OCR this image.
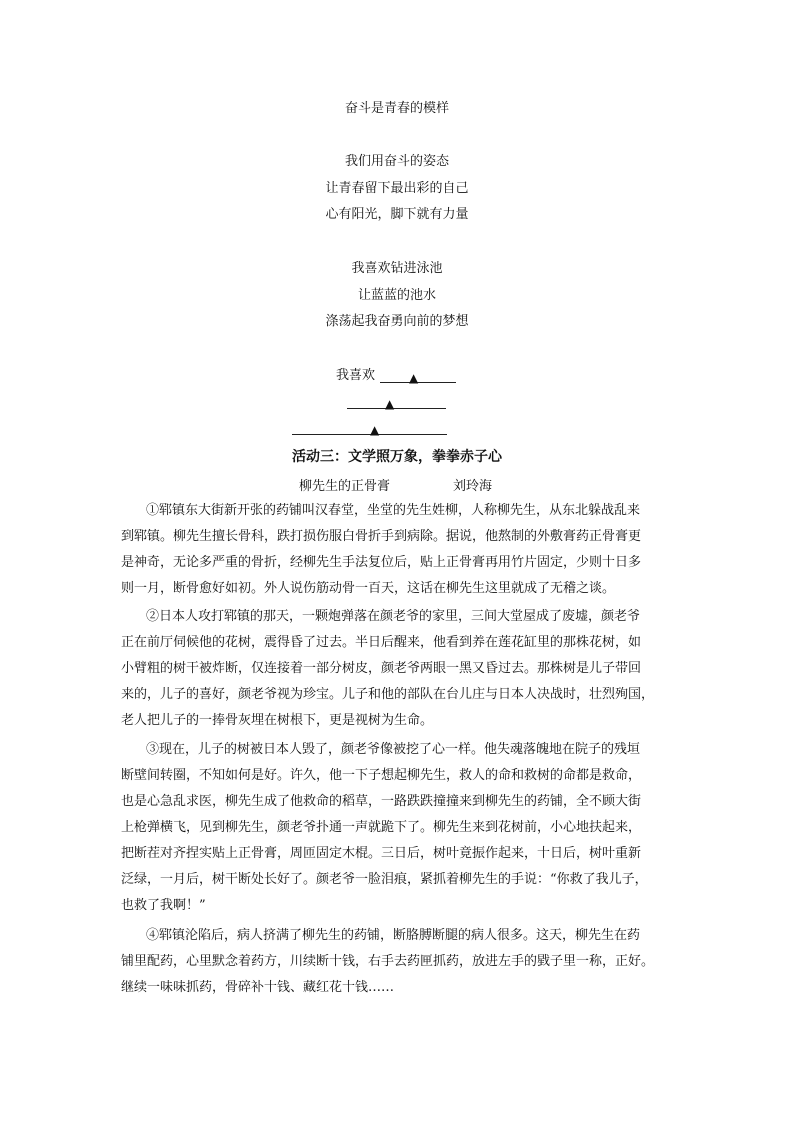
奋斗是青春的模样
我们用奋斗的姿态
让青春留下最出彩的自己
心有阳光，脚下就有力量
我喜欢钻进泳池
让蓝蓝的池水
涤荡起我奋勇向前的梦想
我喜欢	▲
▲
▲
活动三：文学照万象，拳拳赤子心
柳先生的正骨膏	刘玲海
①郓镇东大街新开张的药铺叫汉春堂，坐堂的先生姓柳，人称柳先生，从东北躲战乱来
到郓镇。柳先生擅长骨科，跌打损伤服白骨折手到病除。据说，他熬制的外敷膏药正骨膏更
是神奇，无论多严重的骨折，经柳先生手法复位后，贴上正骨膏再用竹片固定，少则十日多
则一月，断骨愈好如初。外人说伤筋动骨一百天，这话在柳先生这里就成了无稽之谈。
②日本人攻打郓镇的那天，一颗炮弹落在颜老爷的家里，三间大堂屋成了废墟，颜老爷
正在前厅伺候他的花树，震得昏了过去。半日后醒来，他看到养在莲花缸里的那株花树，如
小臂粗的树干被炸断，仅连接着一部分树皮，颜老爷两眼一黑又昏过去。那株树是儿子带回
来的，儿子的喜好，颜老爷视为珍宝。儿子和他的部队在台儿庄与日本人决战时，壮烈殉国，
老人把儿子的一捧骨灰埋在树根下，更是视树为生命。
③现在，儿子的树被日本人毁了，颜老爷像被挖了心一样。他失魂落魄地在院子的残垣
断壁间转圈，不知如何是好。许久，他一下子想起柳先生，救人的命和救树的命都是救命，
也是心急乱求医，柳先生成了他救命的稻草，一路跌跌撞撞来到柳先生的药铺，全不顾大街
上枪弹横飞，见到柳先生，颜老爷扑通一声就跪下了。柳先生来到花树前，小心地扶起来，
把断茬对齐捏实贴上正骨膏，周匝固定木棍。三日后，树叶竟振作起来，十日后，树叶重新
泛绿，一月后，树干断处长好了。颜老爷一脸泪痕，紧抓着柳先生的手说：“你救了我儿子，
也救了我啊！”
④郓镇沦陷后，病人挤满了柳先生的药铺，断胳膊断腿的病人很多。这天，柳先生在药
铺里配药，心里默念着药方，川续断十钱，右手去药匣抓药，放进左手的戥子里一称，正好。
继续一味味抓药，骨碎补十钱、藏红花十钱……
